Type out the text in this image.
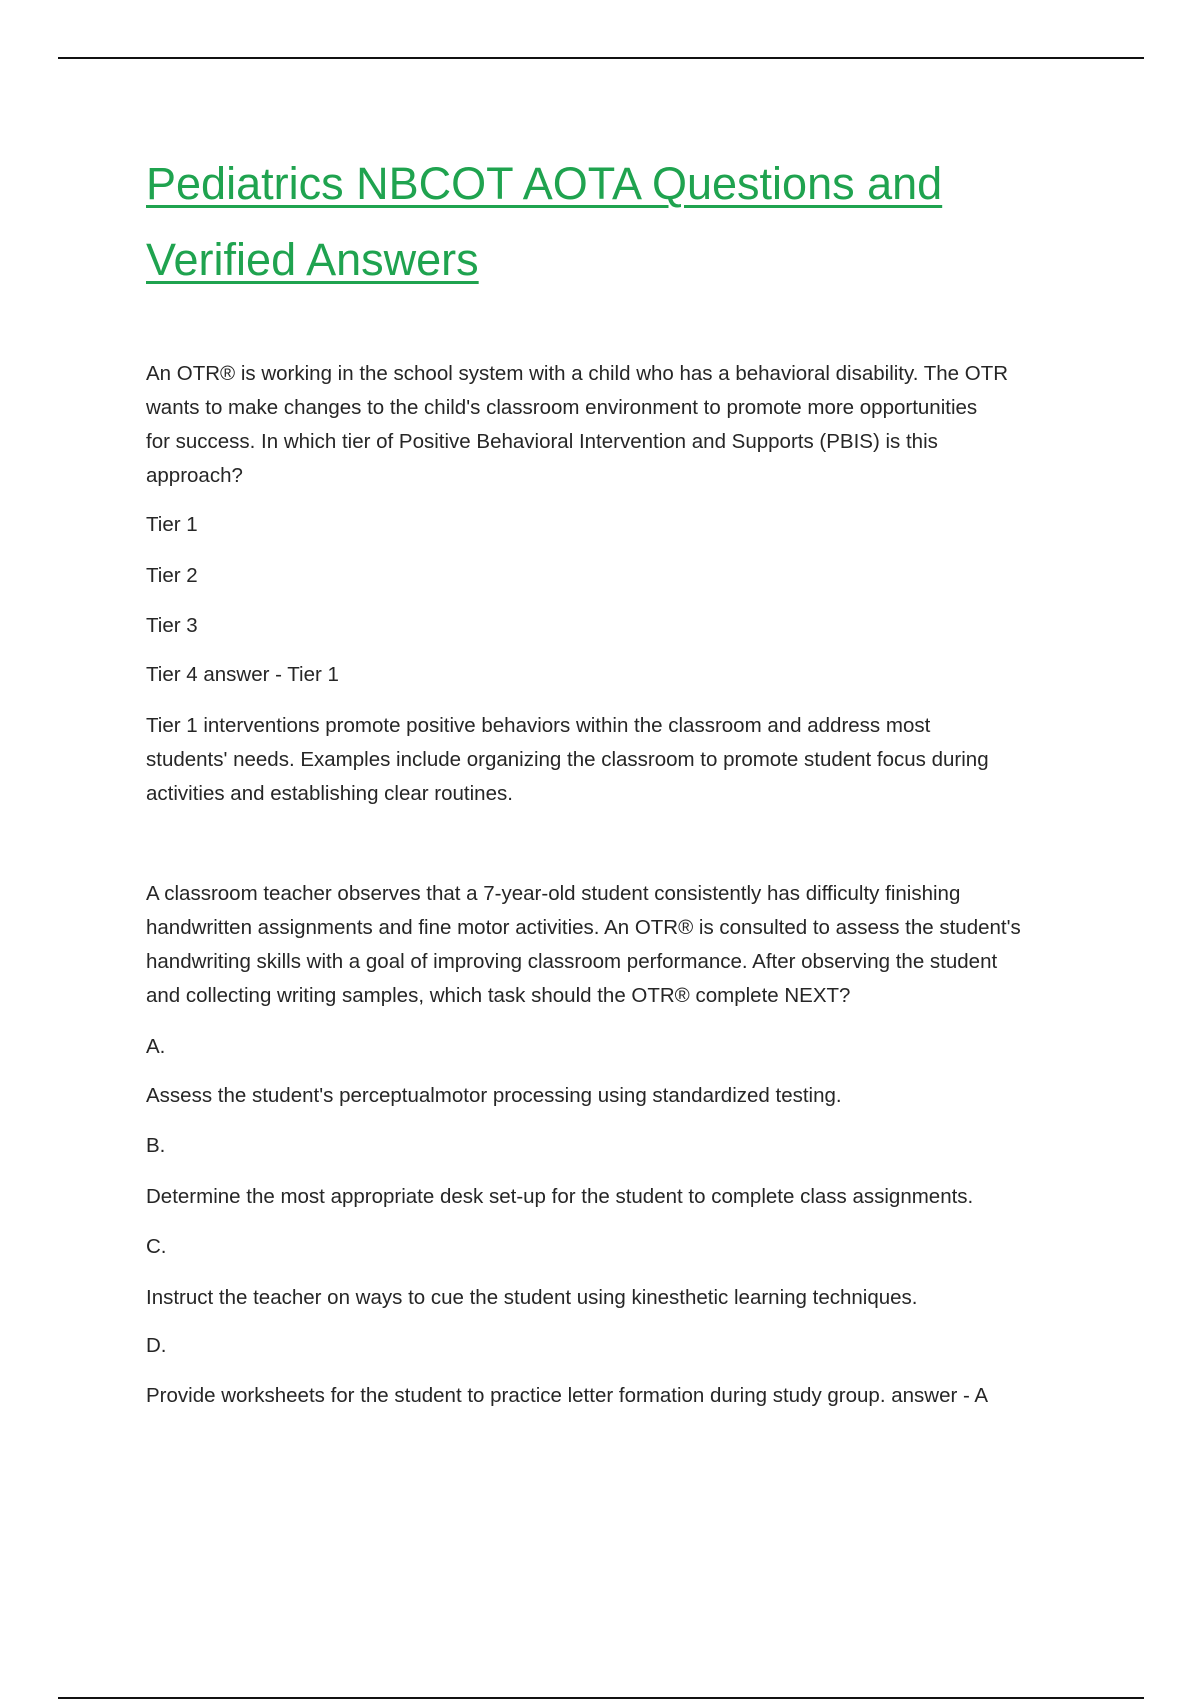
Pediatrics NBCOT AOTA Questions and
Verified Answers
An OTR® is working in the school system with a child who has a behavioral disability. The OTR
wants to make changes to the child's classroom environment to promote more opportunities
for success. In which tier of Positive Behavioral Intervention and Supports (PBIS) is this
approach?
Tier 1
Tier 2
Tier 3
Tier 4 answer - Tier 1
Tier 1 interventions promote positive behaviors within the classroom and address most
students' needs. Examples include organizing the classroom to promote student focus during
activities and establishing clear routines.
A classroom teacher observes that a 7-year-old student consistently has difficulty finishing
handwritten assignments and fine motor activities. An OTR® is consulted to assess the student's
handwriting skills with a goal of improving classroom performance. After observing the student
and collecting writing samples, which task should the OTR® complete NEXT?
A.
Assess the student's perceptualmotor processing using standardized testing.
B.
Determine the most appropriate desk set-up for the student to complete class assignments.
C.
Instruct the teacher on ways to cue the student using kinesthetic learning techniques.
D.
Provide worksheets for the student to practice letter formation during study group. answer - A
